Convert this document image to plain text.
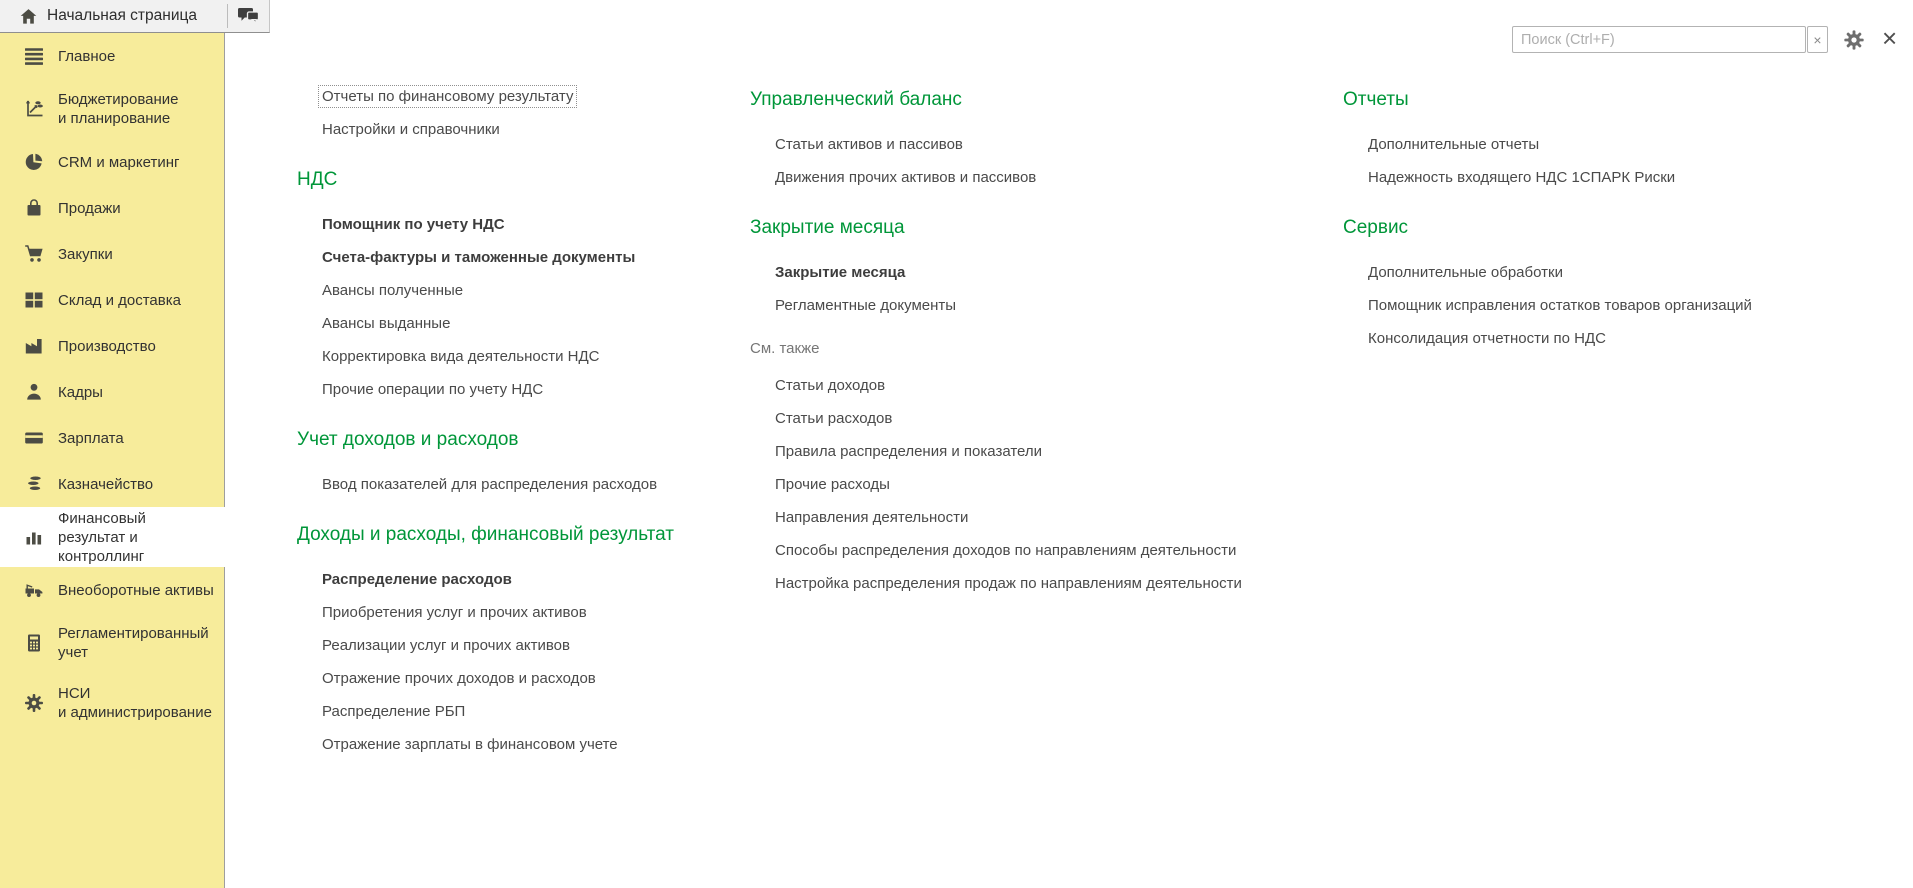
Начальная страница
Главное
Бюджетирование
и планирование
CRM и маркетинг
Продажи
Закупки
Склад и доставка
Производство
Кадры
Зарплата
Казначейство
Финансовый
результат и контроллинг
Внеоборотные активы
Регламентированный
учет
НСИ
и администрирование
Поиск (Ctrl+F)
× ×
Отчеты по финансовому результату
Настройки и справочники
НДС
Помощник по учету НДС
Счета-фактуры и таможенные документы
Авансы полученные
Авансы выданные
Корректировка вида деятельности НДС
Прочие операции по учету НДС
Учет доходов и расходов
Ввод показателей для распределения расходов
Доходы и расходы, финансовый результат
Распределение расходов
Приобретения услуг и прочих активов
Реализации услуг и прочих активов
Отражение прочих доходов и расходов
Распределение РБП
Отражение зарплаты в финансовом учете
Управленческий баланс
Статьи активов и пассивов
Движения прочих активов и пассивов
Закрытие месяца
Закрытие месяца
Регламентные документы
См. также
Статьи доходов
Статьи расходов
Правила распределения и показатели
Прочие расходы
Направления деятельности
Способы распределения доходов по направлениям деятельности
Настройка распределения продаж по направлениям деятельности
Отчеты
Дополнительные отчеты
Надежность входящего НДС 1СПАРК Риски
Сервис
Дополнительные обработки
Помощник исправления остатков товаров организаций
Консолидация отчетности по НДС
